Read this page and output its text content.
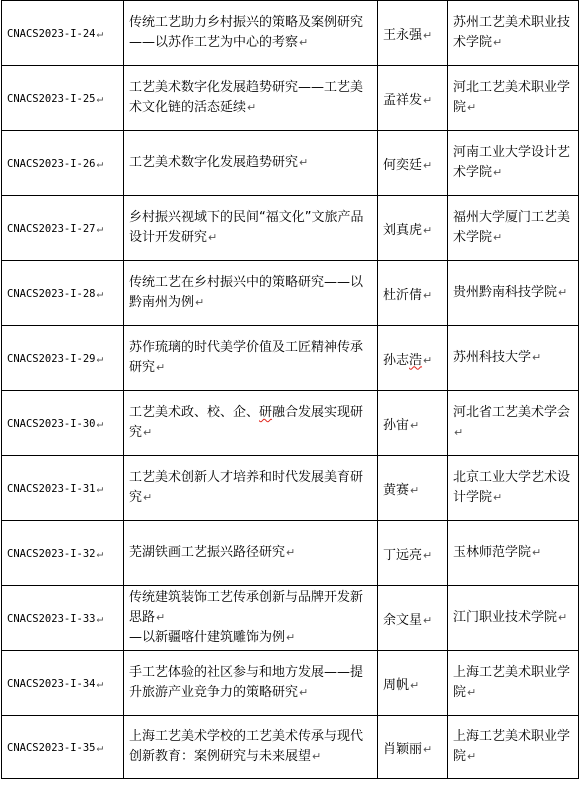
CNACS2023-I-24↵	传统工艺助力乡村振兴的策略及案例研究——以苏作工艺为中心的考察↵	王永强↵	苏州工艺美术职业技术学院↵
CNACS2023-I-25↵	工艺美术数字化发展趋势研究——工艺美术文化链的活态延续↵	孟祥发↵	河北工艺美术职业学院↵
CNACS2023-I-26↵	工艺美术数字化发展趋势研究↵	何奕廷↵	河南工业大学设计艺术学院↵
CNACS2023-I-27↵	乡村振兴视域下的民间“福文化”文旅产品设计开发研究↵	刘真虎↵	福州大学厦门工艺美术学院↵
CNACS2023-I-28↵	传统工艺在乡村振兴中的策略研究——以黔南州为例↵	杜沂倩↵	贵州黔南科技学院↵
CNACS2023-I-29↵	苏作琉璃的时代美学价值及工匠精神传承研究↵	孙志浩↵	苏州科技大学↵
CNACS2023-I-30↵	工艺美术政、校、企、研融合发展实现研究↵	孙宙↵	河北省工艺美术学会↵
CNACS2023-I-31↵	工艺美术创新人才培养和时代发展美育研究↵	黄赛↵	北京工业大学艺术设计学院↵
CNACS2023-I-32↵	芜湖铁画工艺振兴路径研究↵	丁远亮↵	玉林师范学院↵
CNACS2023-I-33↵	传统建筑装饰工艺传承创新与品牌开发新思路↵
—以新疆喀什建筑雕饰为例↵	余文星↵	江门职业技术学院↵
CNACS2023-I-34↵	手工艺体验的社区参与和地方发展——提升旅游产业竞争力的策略研究↵	周帆↵	上海工艺美术职业学院↵
CNACS2023-I-35↵	上海工艺美术学校的工艺美术传承与现代创新教育：案例研究与未来展望↵	肖颖丽↵	上海工艺美术职业学院↵
